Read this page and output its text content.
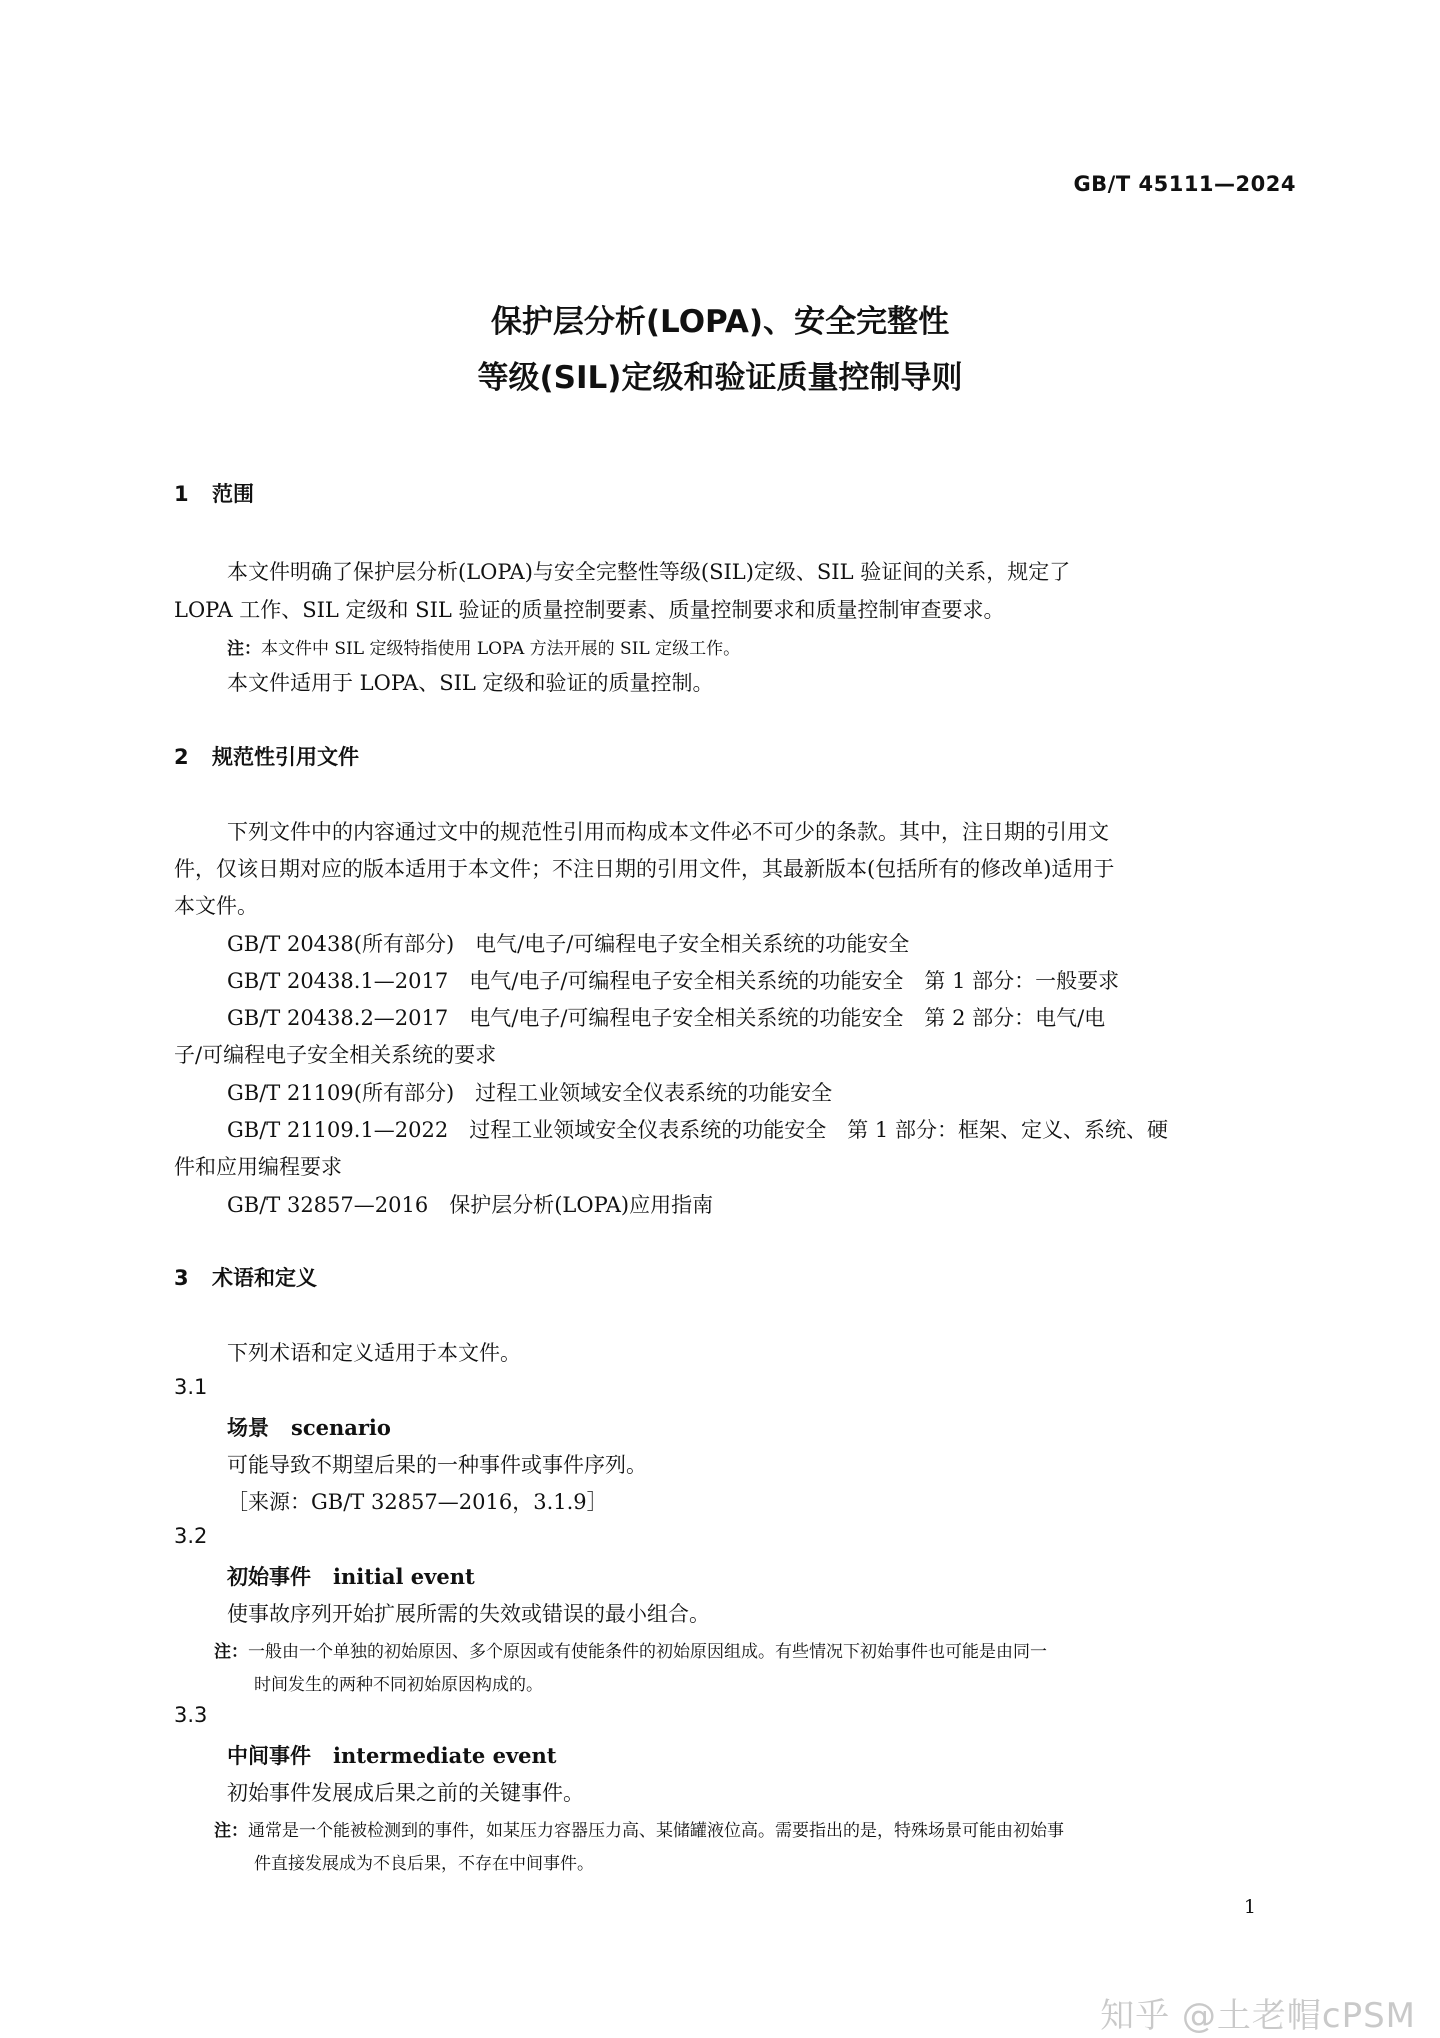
GB/T 45111—2024
保护层分析(LOPA)、安全完整性
等级(SIL)定级和验证质量控制导则
1 范围
本文件明确了保护层分析(LOPA)与安全完整性等级(SIL)定级、SIL 验证间的关系，规定了
LOPA 工作、SIL 定级和 SIL 验证的质量控制要素、质量控制要求和质量控制审查要求。
注：本文件中 SIL 定级特指使用 LOPA 方法开展的 SIL 定级工作。
本文件适用于 LOPA、SIL 定级和验证的质量控制。
2 规范性引用文件
下列文件中的内容通过文中的规范性引用而构成本文件必不可少的条款。其中，注日期的引用文
件，仅该日期对应的版本适用于本文件；不注日期的引用文件，其最新版本(包括所有的修改单)适用于
本文件。
GB/T 20438(所有部分)　电气/电子/可编程电子安全相关系统的功能安全
GB/T 20438.1—2017　电气/电子/可编程电子安全相关系统的功能安全　第 1 部分：一般要求
GB/T 20438.2—2017　电气/电子/可编程电子安全相关系统的功能安全　第 2 部分：电气/电
子/可编程电子安全相关系统的要求
GB/T 21109(所有部分)　过程工业领域安全仪表系统的功能安全
GB/T 21109.1—2022　过程工业领域安全仪表系统的功能安全　第 1 部分：框架、定义、系统、硬
件和应用编程要求
GB/T 32857—2016　保护层分析(LOPA)应用指南
3 术语和定义
下列术语和定义适用于本文件。
3.1
场景 scenario
可能导致不期望后果的一种事件或事件序列。
［来源：GB/T 32857—2016，3.1.9］
3.2
初始事件 initial event
使事故序列开始扩展所需的失效或错误的最小组合。
注：一般由一个单独的初始原因、多个原因或有使能条件的初始原因组成。有些情况下初始事件也可能是由同一
时间发生的两种不同初始原因构成的。
3.3
中间事件 intermediate event
初始事件发展成后果之前的关键事件。
注：通常是一个能被检测到的事件，如某压力容器压力高、某储罐液位高。需要指出的是，特殊场景可能由初始事
件直接发展成为不良后果，不存在中间事件。
1
知乎 @土老帽cPSM
